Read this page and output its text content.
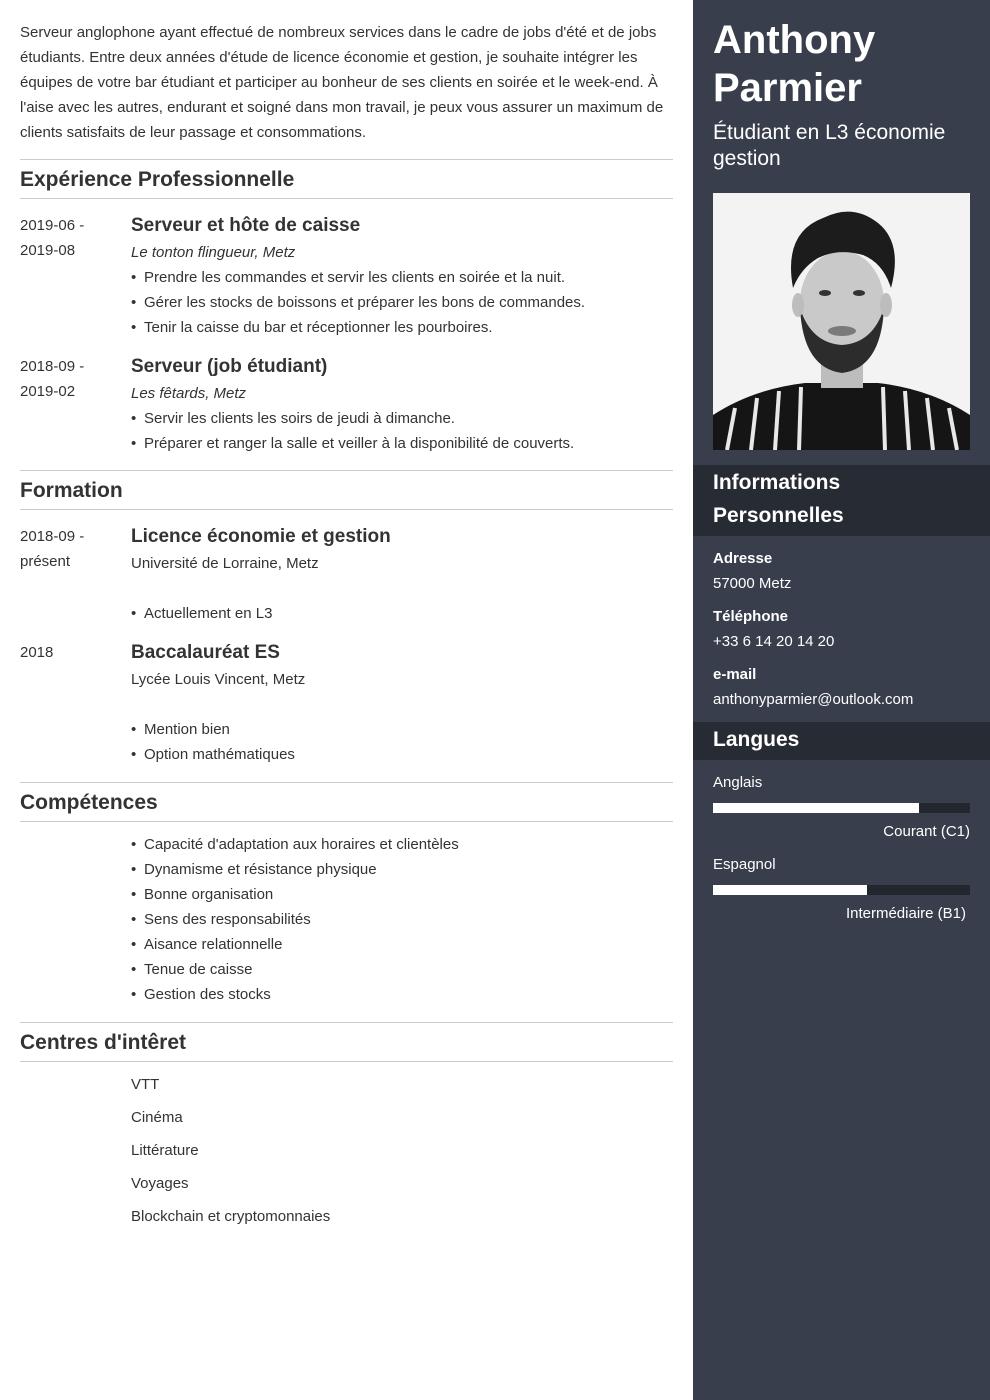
Serveur anglophone ayant effectué de nombreux services dans le cadre de jobs d'été et de jobs étudiants. Entre deux années d'étude de licence économie et gestion, je souhaite intégrer les équipes de votre bar étudiant et participer au bonheur de ses clients en soirée et le week-end. À l'aise avec les autres, endurant et soigné dans mon travail, je peux vous assurer un maximum de clients satisfaits de leur passage et consommations.

Expérience Professionnelle
2019-06 -
2019-08
Serveur et hôte de caisse
Le tonton flingueur, Metz
• Prendre les commandes et servir les clients en soirée et la nuit.
• Gérer les stocks de boissons et préparer les bons de commandes.
• Tenir la caisse du bar et réceptionner les pourboires.
2018-09 -
2019-02
Serveur (job étudiant)
Les fêtards, Metz
• Servir les clients les soirs de jeudi à dimanche.
• Préparer et ranger la salle et veiller à la disponibilité de couverts.
Formation
2018-09 -
présent
Licence économie et gestion
Université de Lorraine, Metz
• Actuellement en L3
2018	Baccalauréat ES
Lycée Louis Vincent, Metz
• Mention bien
• Option mathématiques
Compétences
• Capacité d'adaptation aux horaires et clientèles
• Dynamisme et résistance physique
• Bonne organisation
• Sens des responsabilités
• Aisance relationnelle
• Tenue de caisse
• Gestion des stocks
Centres d'intêret
VTT
Cinéma
Littérature
Voyages
Blockchain et cryptomonnaies
Anthony
Parmier
Étudiant en L3 économie
gestion
Informations
Personnelles
Adresse
57000 Metz
Téléphone
+33 6 14 20 14 20
e-mail
anthonyparmier@outlook.com
Langues
Anglais
Courant (C1)
Espagnol
Intermédiaire (B1)
